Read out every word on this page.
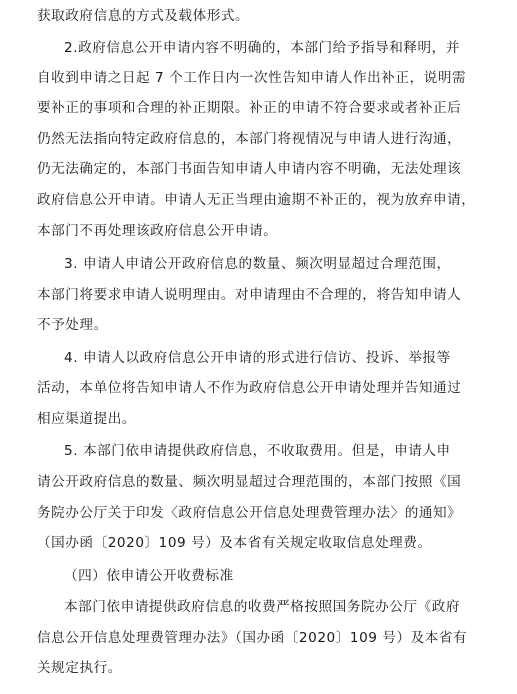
获取政府信息的方式及载体形式。
2.政府信息公开申请内容不明确的，本部门给予指导和释明，并
自收到申请之日起 7 个工作日内一次性告知申请人作出补正，说明需
要补正的事项和合理的补正期限。补正的申请不符合要求或者补正后
仍然无法指向特定政府信息的，本部门将视情况与申请人进行沟通，
仍无法确定的，本部门书面告知申请人申请内容不明确，无法处理该
政府信息公开申请。申请人无正当理由逾期不补正的，视为放弃申请，
本部门不再处理该政府信息公开申请。
3. 申请人申请公开政府信息的数量、频次明显超过合理范围，
本部门将要求申请人说明理由。对申请理由不合理的，将告知申请人
不予处理。
4. 申请人以政府信息公开申请的形式进行信访、投诉、举报等
活动，本单位将告知申请人不作为政府信息公开申请处理并告知通过
相应渠道提出。
5. 本部门依申请提供政府信息，不收取费用。但是，申请人申
请公开政府信息的数量、频次明显超过合理范围的，本部门按照《国
务院办公厅关于印发〈政府信息公开信息处理费管理办法〉的通知》
（国办函〔2020〕109 号）及本省有关规定收取信息处理费。
（四）依申请公开收费标准
本部门依申请提供政府信息的收费严格按照国务院办公厅《政府
信息公开信息处理费管理办法》（国办函〔2020〕109 号）及本省有
关规定执行。
